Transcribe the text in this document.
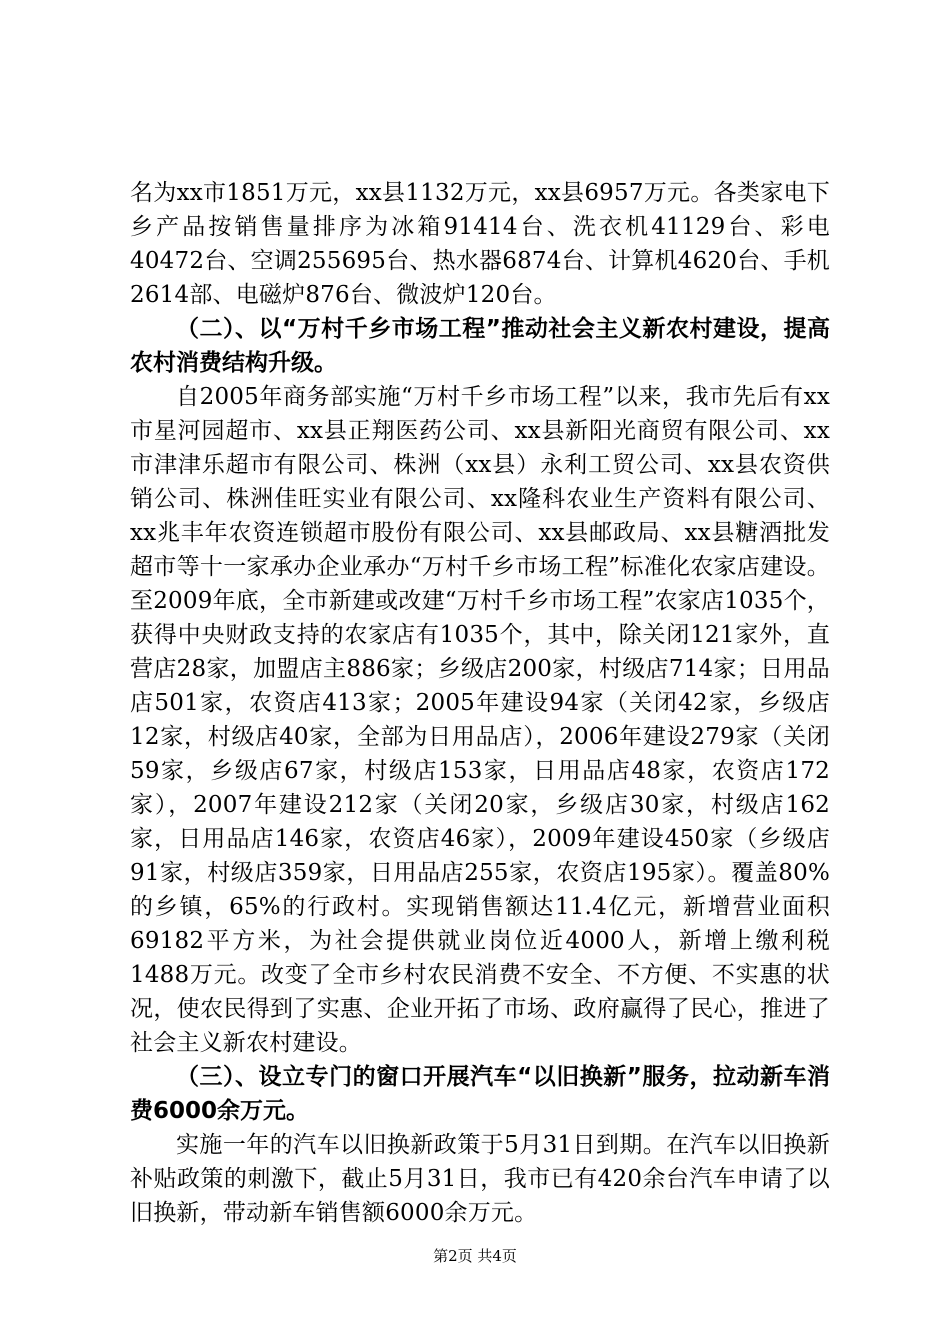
名为xx市1851万元，xx县1132万元，xx县6957万元。各类家电下乡产品按销售量排序为冰箱91414台、洗衣机41129台、彩电40472台、空调255695台、热水器6874台、计算机4620台、手机2614部、电磁炉876台、微波炉120台。

（二）、以“万村千乡市场工程”推动社会主义新农村建设，提高农村消费结构升级。

自2005年商务部实施“万村千乡市场工程”以来，我市先后有xx市星河园超市、xx县正翔医药公司、xx县新阳光商贸有限公司、xx市津津乐超市有限公司、株洲（xx县）永利工贸公司、xx县农资供销公司、株洲佳旺实业有限公司、xx隆科农业生产资料有限公司、xx兆丰年农资连锁超市股份有限公司、xx县邮政局、xx县糖酒批发超市等十一家承办企业承办“万村千乡市场工程”标准化农家店建设。至2009年底，全市新建或改建“万村千乡市场工程”农家店1035个，获得中央财政支持的农家店有1035个，其中，除关闭121家外，直营店28家，加盟店主886家；乡级店200家，村级店714家；日用品店501家，农资店413家；2005年建设94家（关闭42家，乡级店12家，村级店40家，全部为日用品店），2006年建设279家（关闭59家，乡级店67家，村级店153家，日用品店48家，农资店172家），2007年建设212家（关闭20家，乡级店30家，村级店162家，日用品店146家，农资店46家），2009年建设450家（乡级店91家，村级店359家，日用品店255家，农资店195家）。覆盖80%的乡镇，65%的行政村。实现销售额达11.4亿元，新增营业面积69182平方米，为社会提供就业岗位近4000人，新增上缴利税1488万元。改变了全市乡村农民消费不安全、不方便、不实惠的状况，使农民得到了实惠、企业开拓了市场、政府赢得了民心，推进了社会主义新农村建设。

（三）、设立专门的窗口开展汽车“以旧换新”服务，拉动新车消费6000余万元。

实施一年的汽车以旧换新政策于5月31日到期。在汽车以旧换新补贴政策的刺激下，截止5月31日，我市已有420余台汽车申请了以旧换新，带动新车销售额6000余万元。

第2页 共4页
